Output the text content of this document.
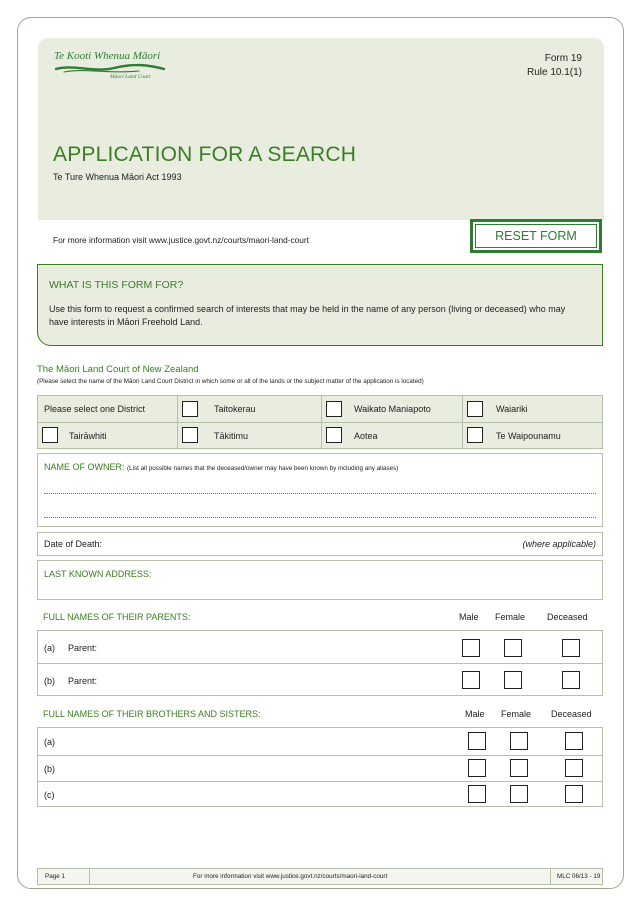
Te Kooti Whenua Māori
Māori Land Court
Form 19
Rule 10.1(1)
APPLICATION FOR A SEARCH
Te Ture Whenua Māori Act 1993
For more information visit www.justice.govt.nz/courts/maori-land-court	RESET FORM
WHAT IS THIS FORM FOR?
Use this form to request a confirmed search of interests that may be held in the name of any person (living or deceased) who may have interests in Māori Freehold Land.
The Māori Land Court of New Zealand
(Please select the name of the Māori Land Court District in which some or all of the lands or the subject matter of the application is located)
Please select one District	Taitokerau	Waikato Maniapoto	Waiariki
Tairāwhiti	Tākitimu	Aotea	Te Waipounamu
NAME OF OWNER: (List all possible names that the deceased/owner may have been known by including any aliases)
Date of Death:	(where applicable)
LAST KNOWN ADDRESS:
FULL NAMES OF THEIR PARENTS:	Male Female Deceased
(a) Parent:
(b) Parent:
FULL NAMES OF THEIR BROTHERS AND SISTERS:	Male Female Deceased
(a)
(b)
(c)
Page 1	For more information visit www.justice.govt.nz/courts/maori-land-court	MLC 06/13 - 19
